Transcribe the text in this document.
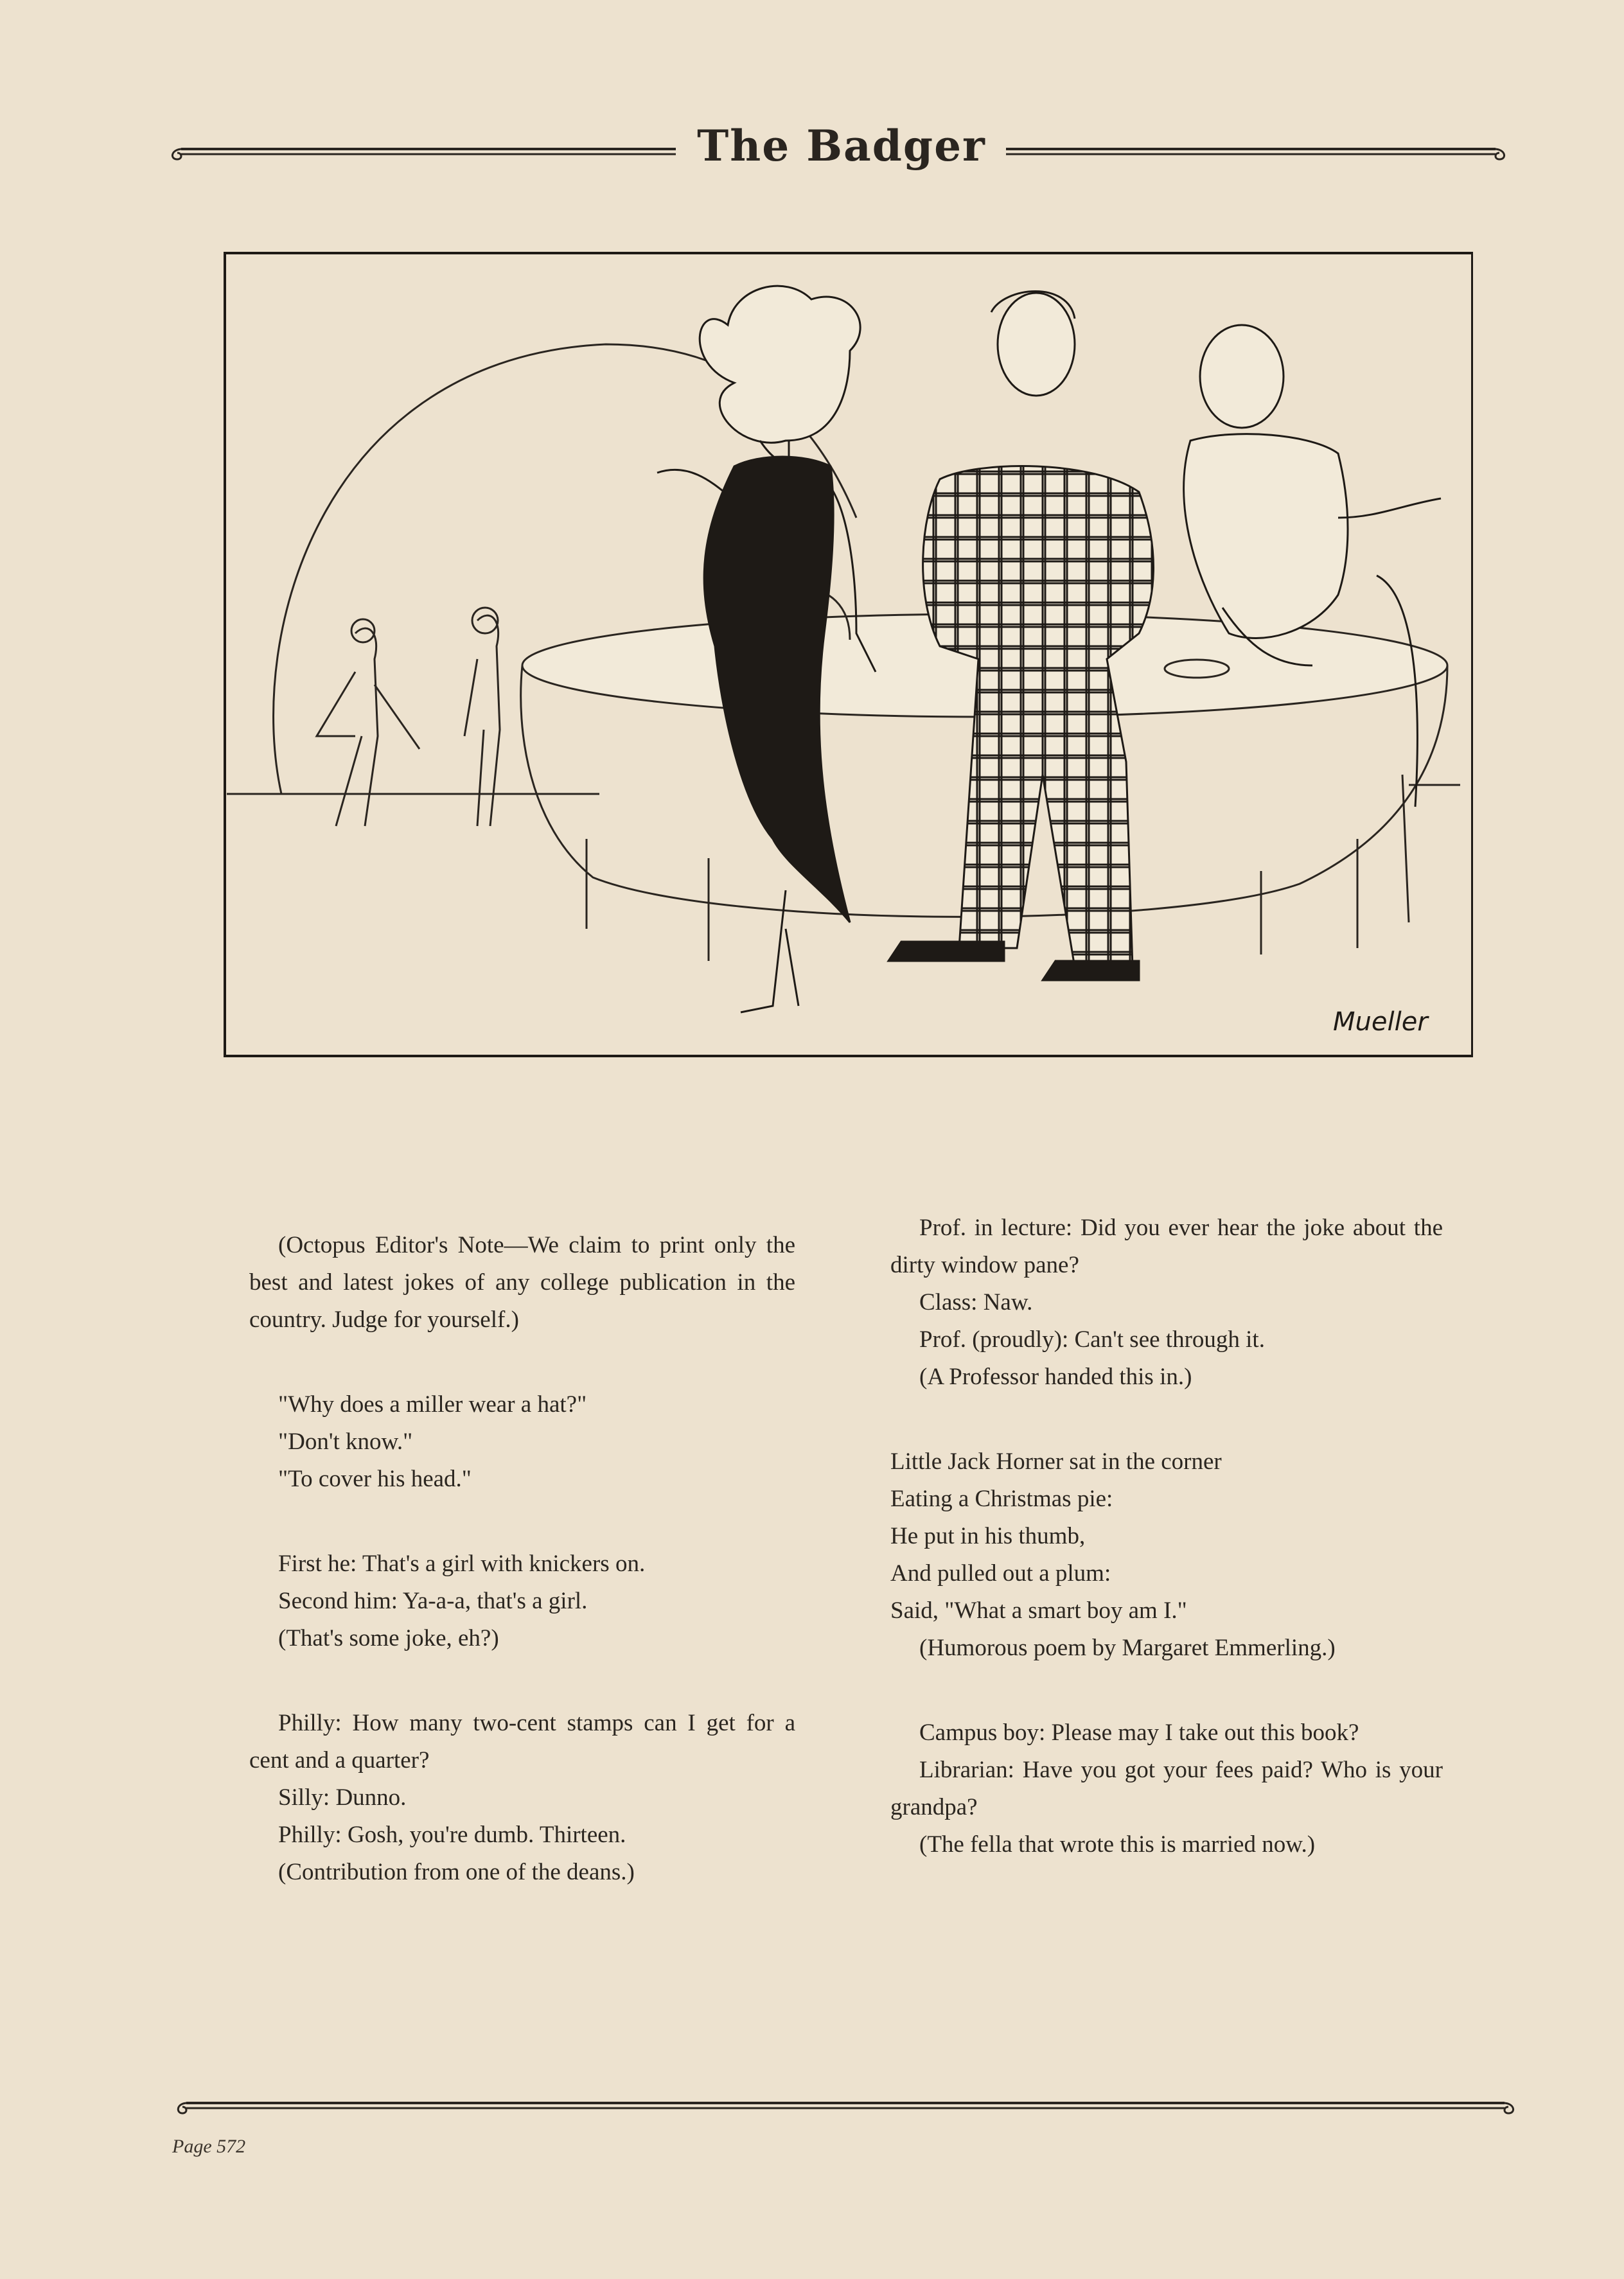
The Badger
Mueller
(Octopus Editor's Note—We claim to print only the best and latest jokes of any college publication in the country. Judge for yourself.)
"Why does a miller wear a hat?"
"Don't know."
"To cover his head."
First he: That's a girl with knickers on.
Second him: Ya-a-a, that's a girl.
(That's some joke, eh?)
Philly: How many two-cent stamps can I get for a cent and a quarter?
Silly: Dunno.
Philly: Gosh, you're dumb. Thirteen.
(Contribution from one of the deans.)
Prof. in lecture: Did you ever hear the joke about the dirty window pane?
Class: Naw.
Prof. (proudly): Can't see through it.
(A Professor handed this in.)
Little Jack Horner sat in the corner
Eating a Christmas pie:
He put in his thumb,
And pulled out a plum:
Said, "What a smart boy am I."
(Humorous poem by Margaret Emmerling.)
Campus boy: Please may I take out this book?
Librarian: Have you got your fees paid? Who is your grandpa?
(The fella that wrote this is married now.)
Page 572
